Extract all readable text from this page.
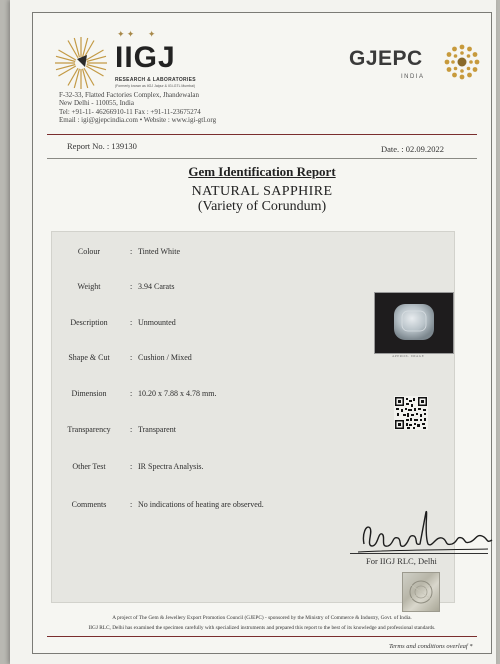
✦ ✦      ✦
IIGJ
RESEARCH & LABORATORIES
(Formerly known as IIGJ Jaipur & IGI-GTL Mumbai)
GJEPC
INDIA
F-32-33, Flatted Factories Complex, Jhandewalan
New Delhi - 110055, India
Tel: +91-11- 46266910-11 Fax : +91-11-23675274
Email : igi@gjepcindia.com • Website : www.igi-gtl.org
Report No. : 139130	Date. : 02.09.2022
Gem Identification Report
NATURAL SAPPHIRE
(Variety of Corundum)
Colour	: Tinted White
Weight	: 3.94 Carats
Description	: Unmounted
Shape & Cut	: Cushion / Mixed
Dimension	: 10.20 x 7.88 x 4.78 mm.
Transparency	: Transparent
Other Test	: IR Spectra Analysis.
Comments	: No indications of heating are observed.
APPROX. IMAGE
For IIGJ RLC, Delhi
A project of The Gem & Jewellery Export Promotion Council (GJEPC) - sponsored by the Ministry of Commerce & Industry, Govt. of India.
IIGJ RLC, Delhi has examined the specimen carefully with specialized instruments and prepared this report to the best of its knowledge and professional standards.
Terms and conditions overleaf *
